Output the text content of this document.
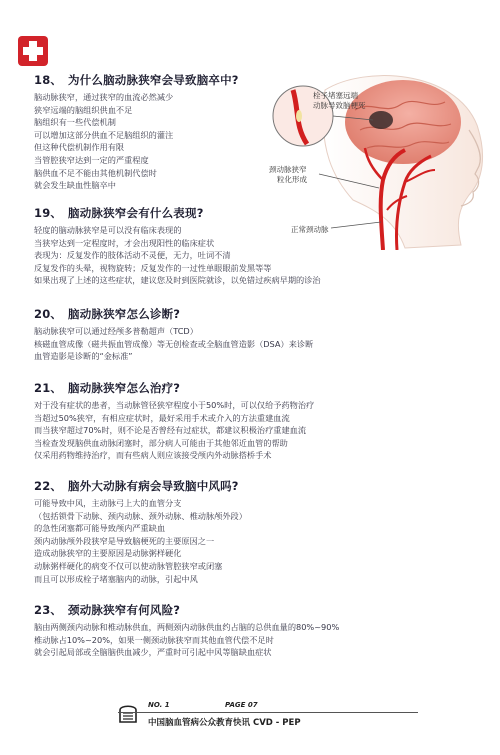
18、 为什么脑动脉狭窄会导致脑卒中?
脑动脉狭窄，通过狭窄的血流必然减少
狭窄远端的脑组织供血不足
脑组织有一些代偿机制
可以增加这部分供血不足脑组织的灌注
但这种代偿机制作用有限
当管腔狭窄达到一定的严重程度
脑供血不足不能由其他机制代偿时
就会发生缺血性脑卒中
栓子堵塞远端
动脉导致脑梗死
颈动脉狭窄
粒化形成
正常颈动脉
19、 脑动脉狭窄会有什么表现?
轻度的脑动脉狭窄是可以没有临床表现的
当狭窄达到一定程度时，才会出现阳性的临床症状
表现为：反复发作的肢体活动不灵便，无力，吐词不清
反复发作的头晕，视物旋转；反复发作的一过性单眼眼前发黑等等
如果出现了上述的这些症状，建议您及时到医院就诊，以免错过疾病早期的诊治
20、 脑动脉狭窄怎么诊断?
脑动脉狭窄可以通过经颅多普勒超声（TCD）
核磁血管成像（磁共振血管成像）等无创检查或全脑血管造影（DSA）来诊断
血管造影是诊断的“金标准”
21、 脑动脉狭窄怎么治疗?
对于没有症状的患者，当动脉管径狭窄程度小于50%时，可以仅给予药物治疗
当超过50%狭窄，有相应症状时，最好采用手术或介入的方法重建血流
而当狭窄超过70%时，则不论是否曾经有过症状，都建议积极治疗重建血流
当检查发现脑供血动脉闭塞时，部分病人可能由于其他邻近血管的帮助
仅采用药物维持治疗，而有些病人则应该接受颅内外动脉搭桥手术
22、 脑外大动脉有病会导致脑中风吗?
可能导致中风，主动脉弓上大的血管分支
（包括锁骨下动脉、颈内动脉、颈外动脉、椎动脉颅外段）
的急性闭塞都可能导致颅内严重缺血
颈内动脉颅外段狭窄是导致脑梗死的主要原因之一
造成动脉狭窄的主要原因是动脉粥样硬化
动脉粥样硬化的病变不仅可以使动脉管腔狭窄或闭塞
而且可以形成栓子堵塞脑内的动脉，引起中风
23、 颈动脉狭窄有何风险?
脑由两侧颈内动脉和椎动脉供血，两侧颈内动脉供血约占脑的总供血量的80%~90%
椎动脉占10%~20%，如果一侧颈动脉狭窄而其他血管代偿不足时
就会引起局部或全脑脑供血减少，严重时可引起中风等脑缺血症状
NO. 1	PAGE 07
中国脑血管病公众教育快讯 CVD - PEP
